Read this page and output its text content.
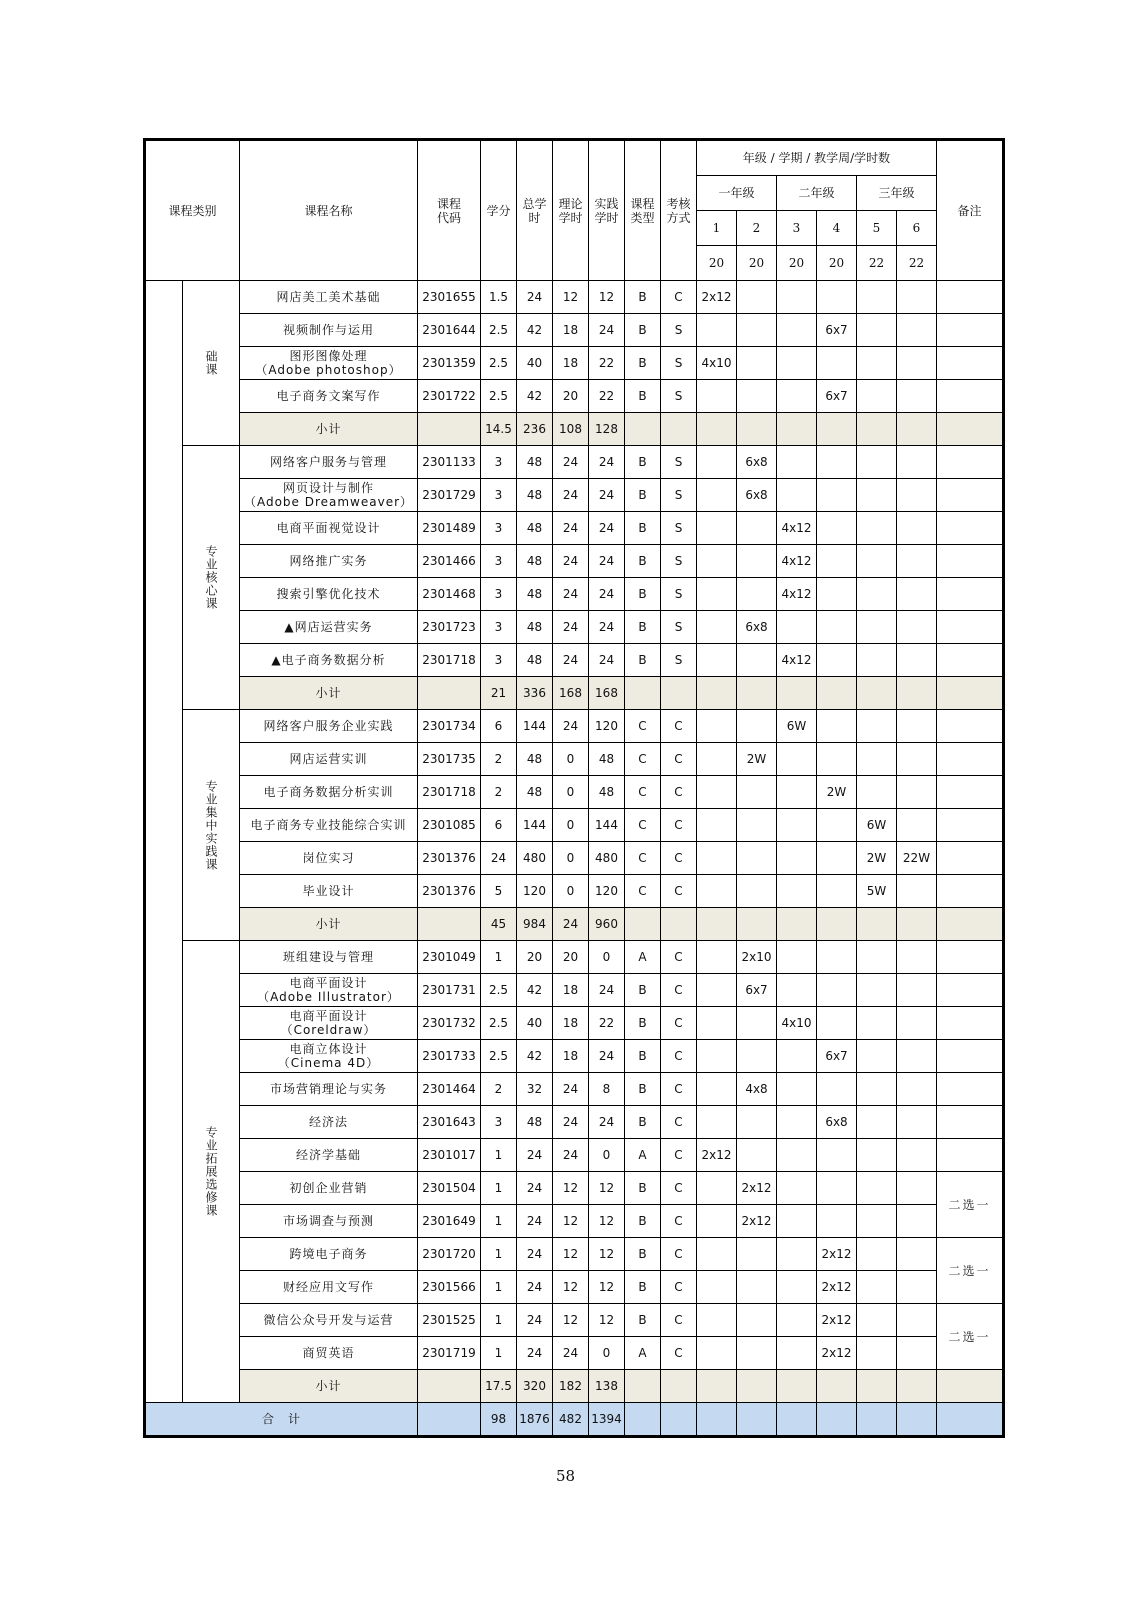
课程类别		课程名称	课程代码	学分	总学时	理论学时	实践学时	课程类型	考核方式	年级 / 学期 / 教学周/学时数						备注
										一年级		二年级		三年级		
										1	2	3	4	5	6	
										20	20	20	20	22	22	
	础课	网店美工美术基础	2301655	1.5	24	12	12	B	C	2x12						

		视频制作与运用	2301644	2.5	42	18	24	B	S				6x7			

		图形图像处理
（Adobe photoshop）	2301359	2.5	40	18	22	B	S	4x10						

		电子商务文案写作	2301722	2.5	42	20	22	B	S				6x7			
		小计		14.5	236	108	128									
	专业核心课	网络客户服务与管理	2301133	3	48	24	24	B	S		6x8					

		网页设计与制作
（Adobe Dreamweaver）	2301729	3	48	24	24	B	S		6x8					

		电商平面视觉设计	2301489	3	48	24	24	B	S			4x12				

		网络推广实务	2301466	3	48	24	24	B	S			4x12				

		搜索引擎优化技术	2301468	3	48	24	24	B	S			4x12				

		▲网店运营实务	2301723	3	48	24	24	B	S		6x8					

		▲电子商务数据分析	2301718	3	48	24	24	B	S			4x12				
		小计		21	336	168	168									
	专业集中实践课	网络客户服务企业实践	2301734	6	144	24	120	C	C			6W				

		网店运营实训	2301735	2	48	0	48	C	C		2W					

		电子商务数据分析实训	2301718	2	48	0	48	C	C				2W			

		电子商务专业技能综合实训	2301085	6	144	0	144	C	C					6W		

		岗位实习	2301376	24	480	0	480	C	C					2W	22W	

		毕业设计	2301376	5	120	0	120	C	C					5W		
		小计		45	984	24	960									
	专业拓展选修课	班组建设与管理	2301049	1	20	20	0	A	C		2x10					

		电商平面设计
（Adobe Illustrator）	2301731	2.5	42	18	24	B	C		6x7					

		电商平面设计
（Coreldraw）	2301732	2.5	40	18	22	B	C			4x10				

		电商立体设计
（Cinema 4D）	2301733	2.5	42	18	24	B	C				6x7			

		市场营销理论与实务	2301464	2	32	24	8	B	C		4x8					

		经济法	2301643	3	48	24	24	B	C				6x8			

		经济学基础	2301017	1	24	24	0	A	C	2x12						

		初创企业营销	2301504	1	24	12	12	B	C		2x12					二选一

		市场调查与预测	2301649	1	24	12	12	B	C		2x12					

		跨境电子商务	2301720	1	24	12	12	B	C				2x12			二选一

		财经应用文写作	2301566	1	24	12	12	B	C				2x12			

		微信公众号开发与运营	2301525	1	24	12	12	B	C				2x12			二选一

		商贸英语	2301719	1	24	24	0	A	C				2x12			
		小计		17.5	320	182	138									
合　计				98	1876	482	1394									
58
